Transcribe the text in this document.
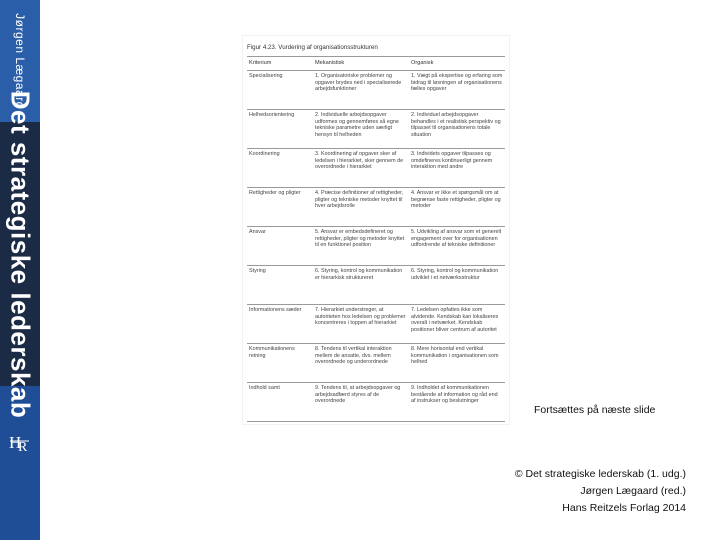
Jørgen Lægaard
Det strategiske lederskab
H
R
Figur 4.23. Vurdering af organisationsstrukturen
Kriterium	Mekanistisk	Organisk
Specialisering	1. Organisatoriske problemer og opgaver brydes ned i specialiserede arbejdsfunktioner	1. Vægt på ekspertise og erfaring som bidrag til løsningen af organisationens fælles opgaver
Helhedsorientering	2. Individuelle arbejdsopgaver udformes og gennemføres så egne tekniske parametre uden særligt hensyn til helheden	2. Individuel arbejdsopgaver behandles i et realistisk perspektiv og tilpasset til organisationens totale situation
Koordinering	3. Koordinering af opgaver sker af ledelsen i hierarkiet, sker gennem de overordnede i hierarkiet	3. Individets opgaver tilpasses og omdefineres kontinuerligt gennem interaktion med andre
Rettigheder og pligter	4. Præcise definitioner af rettigheder, pligter og tekniske metoder knyttet til hver arbejdsrolle	4. Ansvar er ikke et spørgsmål om at begrænse faste rettigheder, pligter og metoder
Ansvar	5. Ansvar er embedsdefineret og rettigheder, pligter og metoder knyttet til en funktionel position	5. Udvikling af ansvar som et generelt engagement over for organisationen udfordrende af tekniske definitioner
Styring	6. Styring, kontrol og kommunikation er hierarkisk struktureret	6. Styring, kontrol og kommunikation udviklet i et netværksstruktur
Informationens sæder	7. Hierarkiet understreger, at autoriteten hos ledelsen og problemer koncentreres i toppen af hierarkiet	7. Ledelsen opfattes ikke som alvidende. Kendskab kan lokaliseres overalt i netværket. Kendskab positioner bliver centrum af autoritet
Kommunikationens retning	8. Tendens til vertikal interaktion mellem de ansatte, dvs. mellem overordnede og underordnede	8. Mere horisontal end vertikal kommunikation i organisationen som helhed
Indhold samt	9. Tendens til, at arbejdsopgaver og arbejdsadfærd styres af de overordnede	9. Indholdet af kommunikationen bestående af information og råd end af instrukser og beslutninger
Fortsættes på næste slide
© Det strategiske lederskab (1. udg.)
Jørgen Lægaard (red.)
Hans Reitzels Forlag 2014
